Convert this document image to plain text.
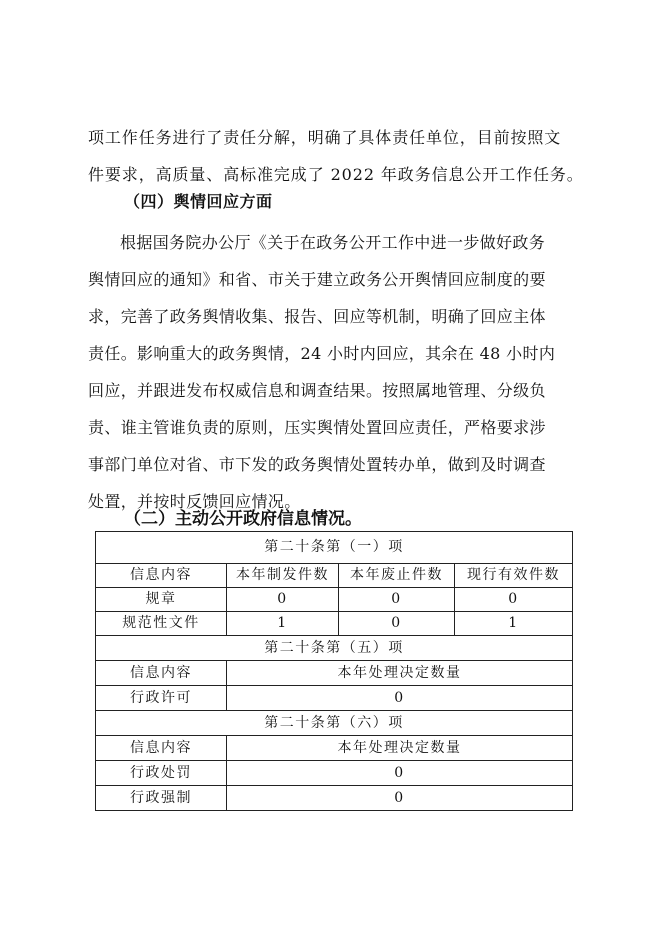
项工作任务进行了责任分解，明确了具体责任单位，目前按照文
件要求，高质量、高标准完成了 2022 年政务信息公开工作任务。
（四）舆情回应方面
根据国务院办公厅《关于在政务公开工作中进一步做好政务
舆情回应的通知》和省、市关于建立政务公开舆情回应制度的要
求，完善了政务舆情收集、报告、回应等机制，明确了回应主体
责任。影响重大的政务舆情，24 小时内回应，其余在 48 小时内
回应，并跟进发布权威信息和调查结果。按照属地管理、分级负
责、谁主管谁负责的原则，压实舆情处置回应责任，严格要求涉
事部门单位对省、市下发的政务舆情处置转办单，做到及时调查
处置，并按时反馈回应情况。
（二）主动公开政府信息情况。
第二十条第（一）项			
信息内容	本年制发件数	本年废止件数	现行有效件数
规章	0	0	0
规范性文件	1	0	1
第二十条第（五）项			
信息内容	本年处理决定数量		
行政许可	0		
第二十条第（六）项			
信息内容	本年处理决定数量		
行政处罚	0		
行政强制	0		
